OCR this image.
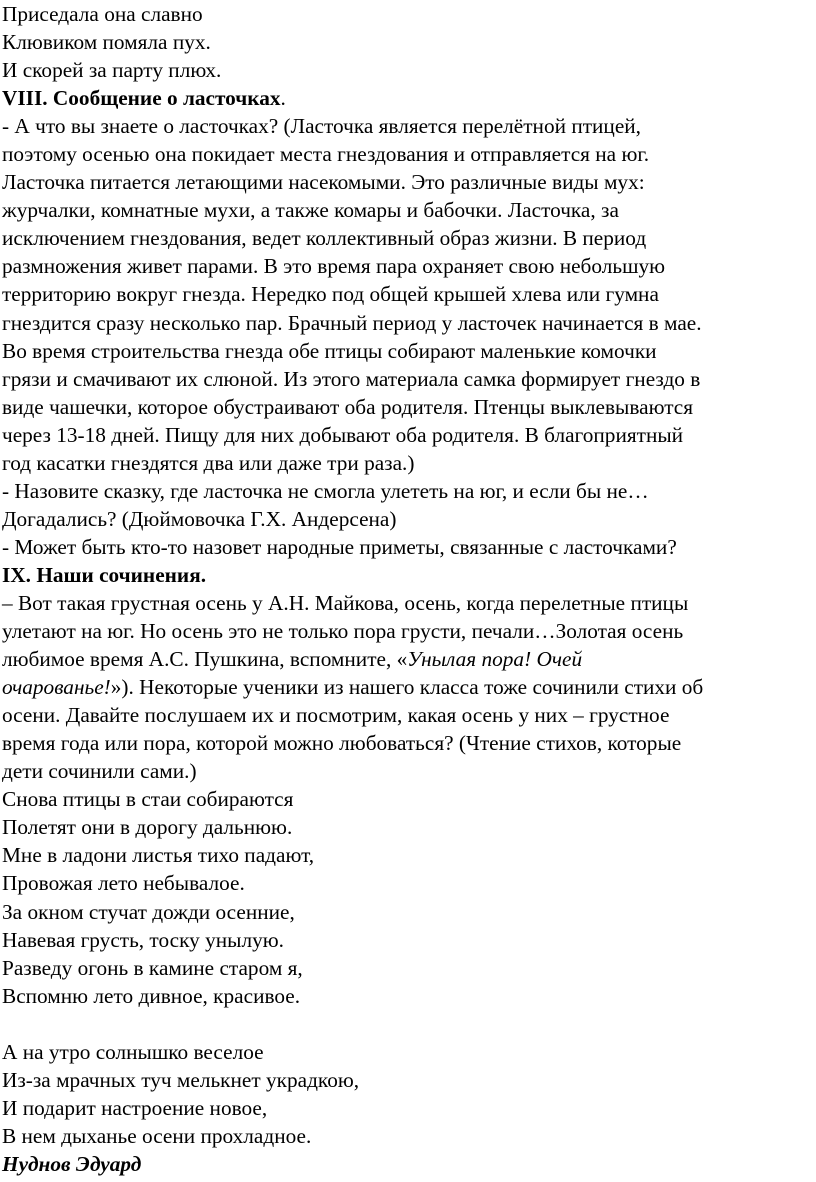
Приседала она славно
Клювиком помяла пух.
И скорей за парту плюх.
VIII. Сообщение о ласточках.
- А что вы знаете о ласточках? (Ласточка является перелётной птицей,
поэтому осенью она покидает места гнездования и отправляется на юг.
Ласточка питается летающими насекомыми. Это различные виды мух:
журчалки, комнатные мухи, а также комары и бабочки. Ласточка, за
исключением гнездования, ведет коллективный образ жизни. В период
размножения живет парами. В это время пара охраняет свою небольшую
территорию вокруг гнезда. Нередко под общей крышей хлева или гумна
гнездится сразу несколько пар. Брачный период у ласточек начинается в мае.
Во время строительства гнезда обе птицы собирают маленькие комочки
грязи и смачивают их слюной. Из этого материала самка формирует гнездо в
виде чашечки, которое обустраивают оба родителя. Птенцы выклевываются
через 13-18 дней. Пищу для них добывают оба родителя. В благоприятный
год касатки гнездятся два или даже три раза.)
- Назовите сказку, где ласточка не смогла улететь на юг, и если бы не…
Догадались? (Дюймовочка Г.Х. Андерсена)
- Может быть кто-то назовет народные приметы, связанные с ласточками?
IX. Наши сочинения.
– Вот такая грустная осень у А.Н. Майкова, осень, когда перелетные птицы
улетают на юг. Но осень это не только пора грусти, печали…Золотая осень
любимое время А.С. Пушкина, вспомните, «Унылая пора! Очей
очарованье!»). Некоторые ученики из нашего класса тоже сочинили стихи об
осени. Давайте послушаем их и посмотрим, какая осень у них – грустное
время года или пора, которой можно любоваться? (Чтение стихов, которые
дети сочинили сами.)
Снова птицы в стаи собираются
Полетят они в дорогу дальнюю.
Мне в ладони листья тихо падают,
Провожая лето небывалое.
За окном стучат дожди осенние,
Навевая грусть, тоску унылую.
Разведу огонь в камине старом я,
Вспомню лето дивное, красивое.
А на утро солнышко веселое
Из-за мрачных туч мелькнет украдкою,
И подарит настроение новое,
В нем дыханье осени прохладное.
Нуднов Эдуард
